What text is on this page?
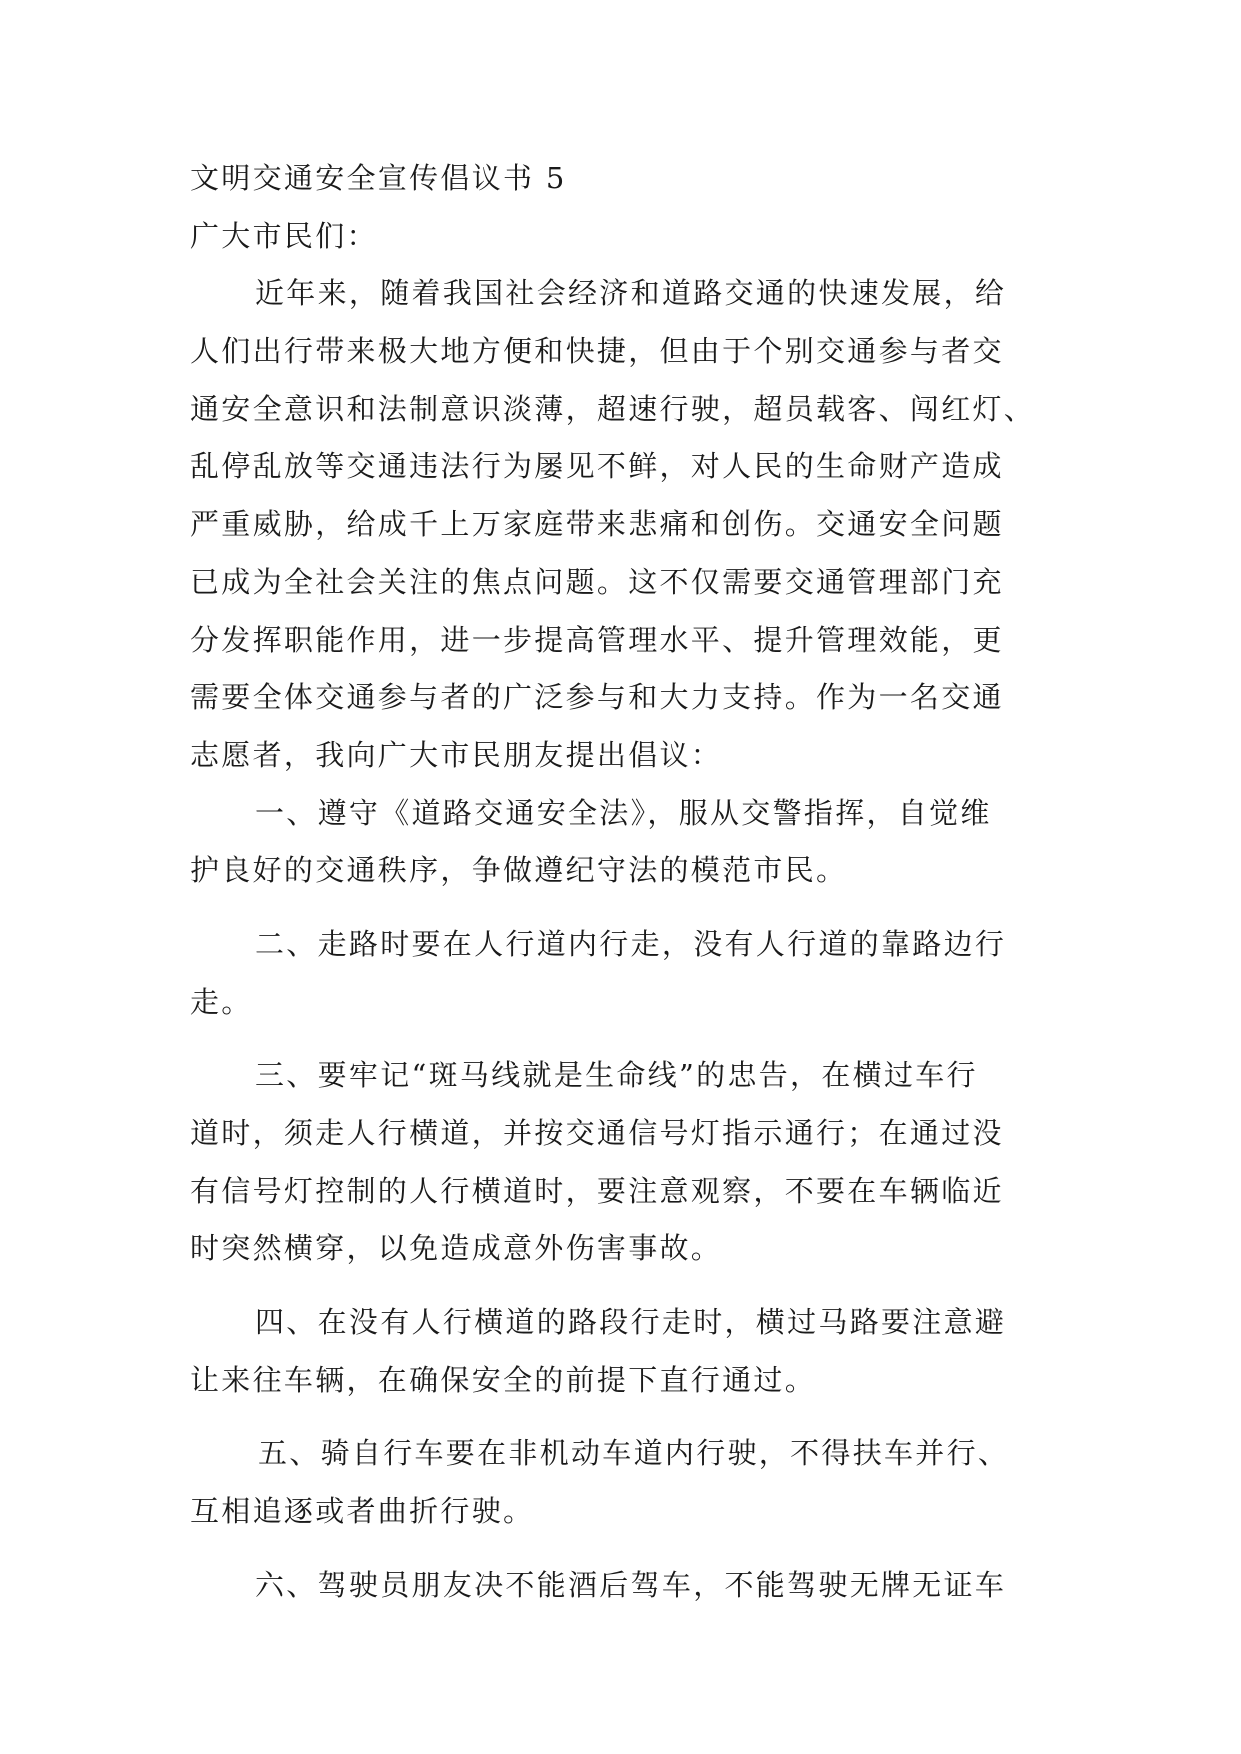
文明交通安全宣传倡议书 5
广大市民们：
近年来，随着我国社会经济和道路交通的快速发展，给
人们出行带来极大地方便和快捷，但由于个别交通参与者交
通安全意识和法制意识淡薄，超速行驶，超员载客、闯红灯、
乱停乱放等交通违法行为屡见不鲜，对人民的生命财产造成
严重威胁，给成千上万家庭带来悲痛和创伤。交通安全问题
已成为全社会关注的焦点问题。这不仅需要交通管理部门充
分发挥职能作用，进一步提高管理水平、提升管理效能，更
需要全体交通参与者的广泛参与和大力支持。作为一名交通
志愿者，我向广大市民朋友提出倡议：
一、遵守《道路交通安全法》，服从交警指挥，自觉维
护良好的交通秩序，争做遵纪守法的模范市民。
二、走路时要在人行道内行走，没有人行道的靠路边行
走。
三、要牢记“斑马线就是生命线”的忠告，在横过车行
道时，须走人行横道，并按交通信号灯指示通行；在通过没
有信号灯控制的人行横道时，要注意观察，不要在车辆临近
时突然横穿，以免造成意外伤害事故。
四、在没有人行横道的路段行走时，横过马路要注意避
让来往车辆，在确保安全的前提下直行通过。
五、骑自行车要在非机动车道内行驶，不得扶车并行、
互相追逐或者曲折行驶。
六、驾驶员朋友决不能酒后驾车，不能驾驶无牌无证车
